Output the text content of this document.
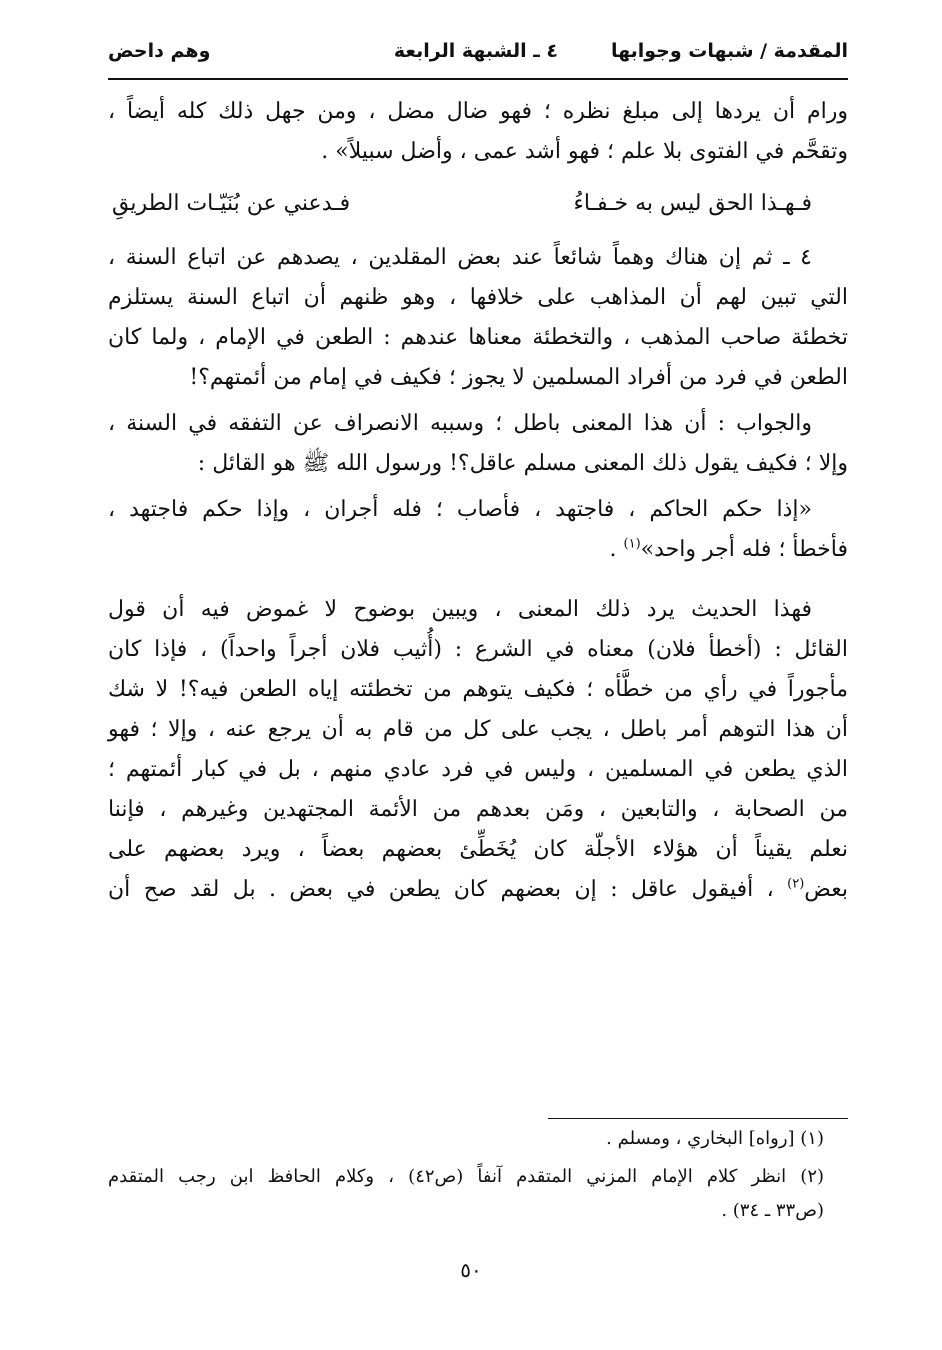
المقدمة / شبهات وجوابها
٤ ـ الشبهة الرابعة
وهم داحض
ورام أن يردها إلى مبلغ نظره ؛ فهو ضال مضل ، ومن جهل ذلك كله أيضاً ،
وتقحَّم في الفتوى بلا علم ؛ فهو أشد عمى ، وأضل سبيلاً» .
فـهـذا الحق ليس به خـفـاءُ
فـدعني عن بُنَيّـات الطريقِ
٤ ـ ثم إن هناك وهماً شائعاً عند بعض المقلدين ، يصدهم عن اتباع السنة ،
التي تبين لهم أن المذاهب على خلافها ، وهو ظنهم أن اتباع السنة يستلزم
تخطئة صاحب المذهب ، والتخطئة معناها عندهم : الطعن في الإمام ، ولما كان
الطعن في فرد من أفراد المسلمين لا يجوز ؛ فكيف في إمام من أئمتهم؟!
والجواب : أن هذا المعنى باطل ؛ وسببه الانصراف عن التفقه في السنة ،
وإلا ؛ فكيف يقول ذلك المعنى مسلم عاقل؟! ورسول الله ﷺ هو القائل :
«إذا حكم الحاكم ، فاجتهد ، فأصاب ؛ فله أجران ، وإذا حكم فاجتهد ،
فأخطأ ؛ فله أجر واحد»$^{(١)}$ .
فهذا الحديث يرد ذلك المعنى ، ويبين بوضوح لا غموض فيه أن قول
القائل : (أخطأ فلان) معناه في الشرع : (أُثيب فلان أجراً واحداً) ، فإذا كان
مأجوراً في رأي من خطَّأه ؛ فكيف يتوهم من تخطئته إياه الطعن فيه؟! لا شك
أن هذا التوهم أمر باطل ، يجب على كل من قام به أن يرجع عنه ، وإلا ؛ فهو
الذي يطعن في المسلمين ، وليس في فرد عادي منهم ، بل في كبار أئمتهم ؛
من الصحابة ، والتابعين ، ومَن بعدهم من الأئمة المجتهدين وغيرهم ، فإننا
نعلم يقيناً أن هؤلاء الأجلّة كان يُخَطِّئ بعضهم بعضاً ، ويرد بعضهم على
بعض$^{(٢)}$ ، أفيقول عاقل : إن بعضهم كان يطعن في بعض . بل لقد صح أن
(١) [رواه] البخاري ، ومسلم .
(٢) انظر كلام الإمام المزني المتقدم آنفاً (ص٤٢) ، وكلام الحافظ ابن رجب المتقدم
(ص٣٣ ـ ٣٤) .
٥٠
